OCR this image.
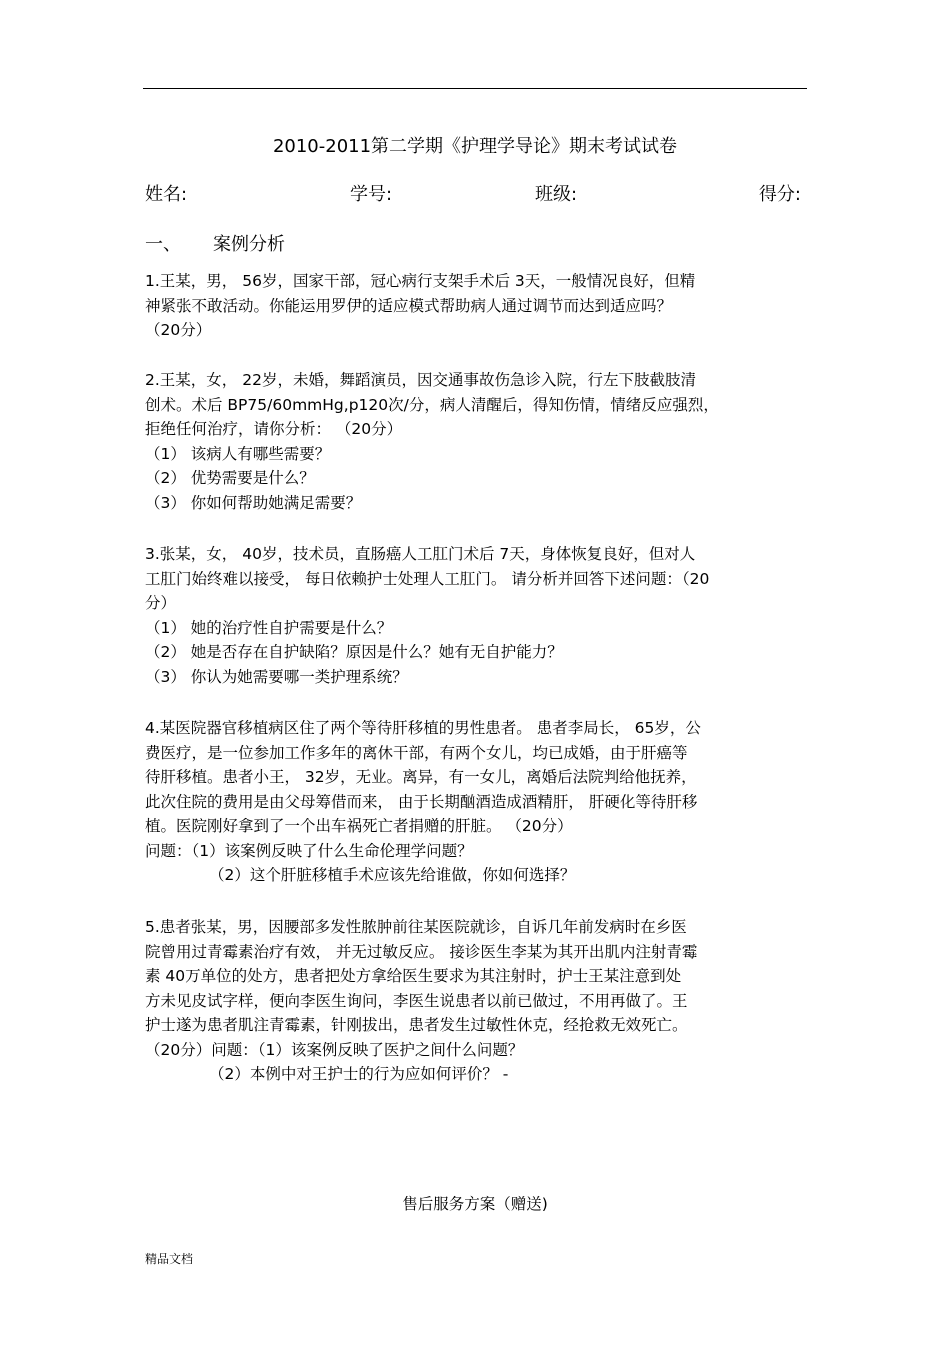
2010-2011第二学期《护理学导论》期末考试试卷
姓名:	学号:	班级:	得分:
一、 案例分析
1.王某，男， 56岁，国家干部，冠心病行支架手术后 3天，一般情况良好，但精
神紧张不敢活动。你能运用罗伊的适应模式帮助病人通过调节而达到适应吗？
（20分）
2.王某，女， 22岁，未婚，舞蹈演员，因交通事故伤急诊入院，行左下肢截肢清
创术。术后 BP75/60mmHg,p120次/分，病人清醒后，得知伤情，情绪反应强烈，
拒绝任何治疗，请你分析： （20分）
（1） 该病人有哪些需要？
（2） 优势需要是什么？
（3） 你如何帮助她满足需要？
3.张某，女， 40岁，技术员，直肠癌人工肛门术后 7天，身体恢复良好，但对人
工肛门始终难以接受， 每日依赖护士处理人工肛门。 请分析并回答下述问题：（20
分）
（1） 她的治疗性自护需要是什么？
（2） 她是否存在自护缺陷？原因是什么？她有无自护能力？
（3） 你认为她需要哪一类护理系统？
4.某医院器官移植病区住了两个等待肝移植的男性患者。 患者李局长， 65岁，公
费医疗，是一位参加工作多年的离休干部，有两个女儿，均已成婚，由于肝癌等
待肝移植。患者小王， 32岁，无业。离异，有一女儿，离婚后法院判给他抚养，
此次住院的费用是由父母筹借而来， 由于长期酗酒造成酒精肝， 肝硬化等待肝移
植。医院刚好拿到了一个出车祸死亡者捐赠的肝脏。 （20分）
问题：（1）该案例反映了什么生命伦理学问题？
（2）这个肝脏移植手术应该先给谁做，你如何选择？
5.患者张某，男，因腰部多发性脓肿前往某医院就诊，自诉几年前发病时在乡医
院曾用过青霉素治疗有效， 并无过敏反应。 接诊医生李某为其开出肌内注射青霉
素 40万单位的处方，患者把处方拿给医生要求为其注射时，护士王某注意到处
方未见皮试字样，便向李医生询问，李医生说患者以前已做过，不用再做了。王
护士遂为患者肌注青霉素，针刚拔出，患者发生过敏性休克，经抢救无效死亡。
（20分）问题：（1）该案例反映了医护之间什么问题？
（2）本例中对王护士的行为应如何评价？ -
售后服务方案（赠送)
精品文档
